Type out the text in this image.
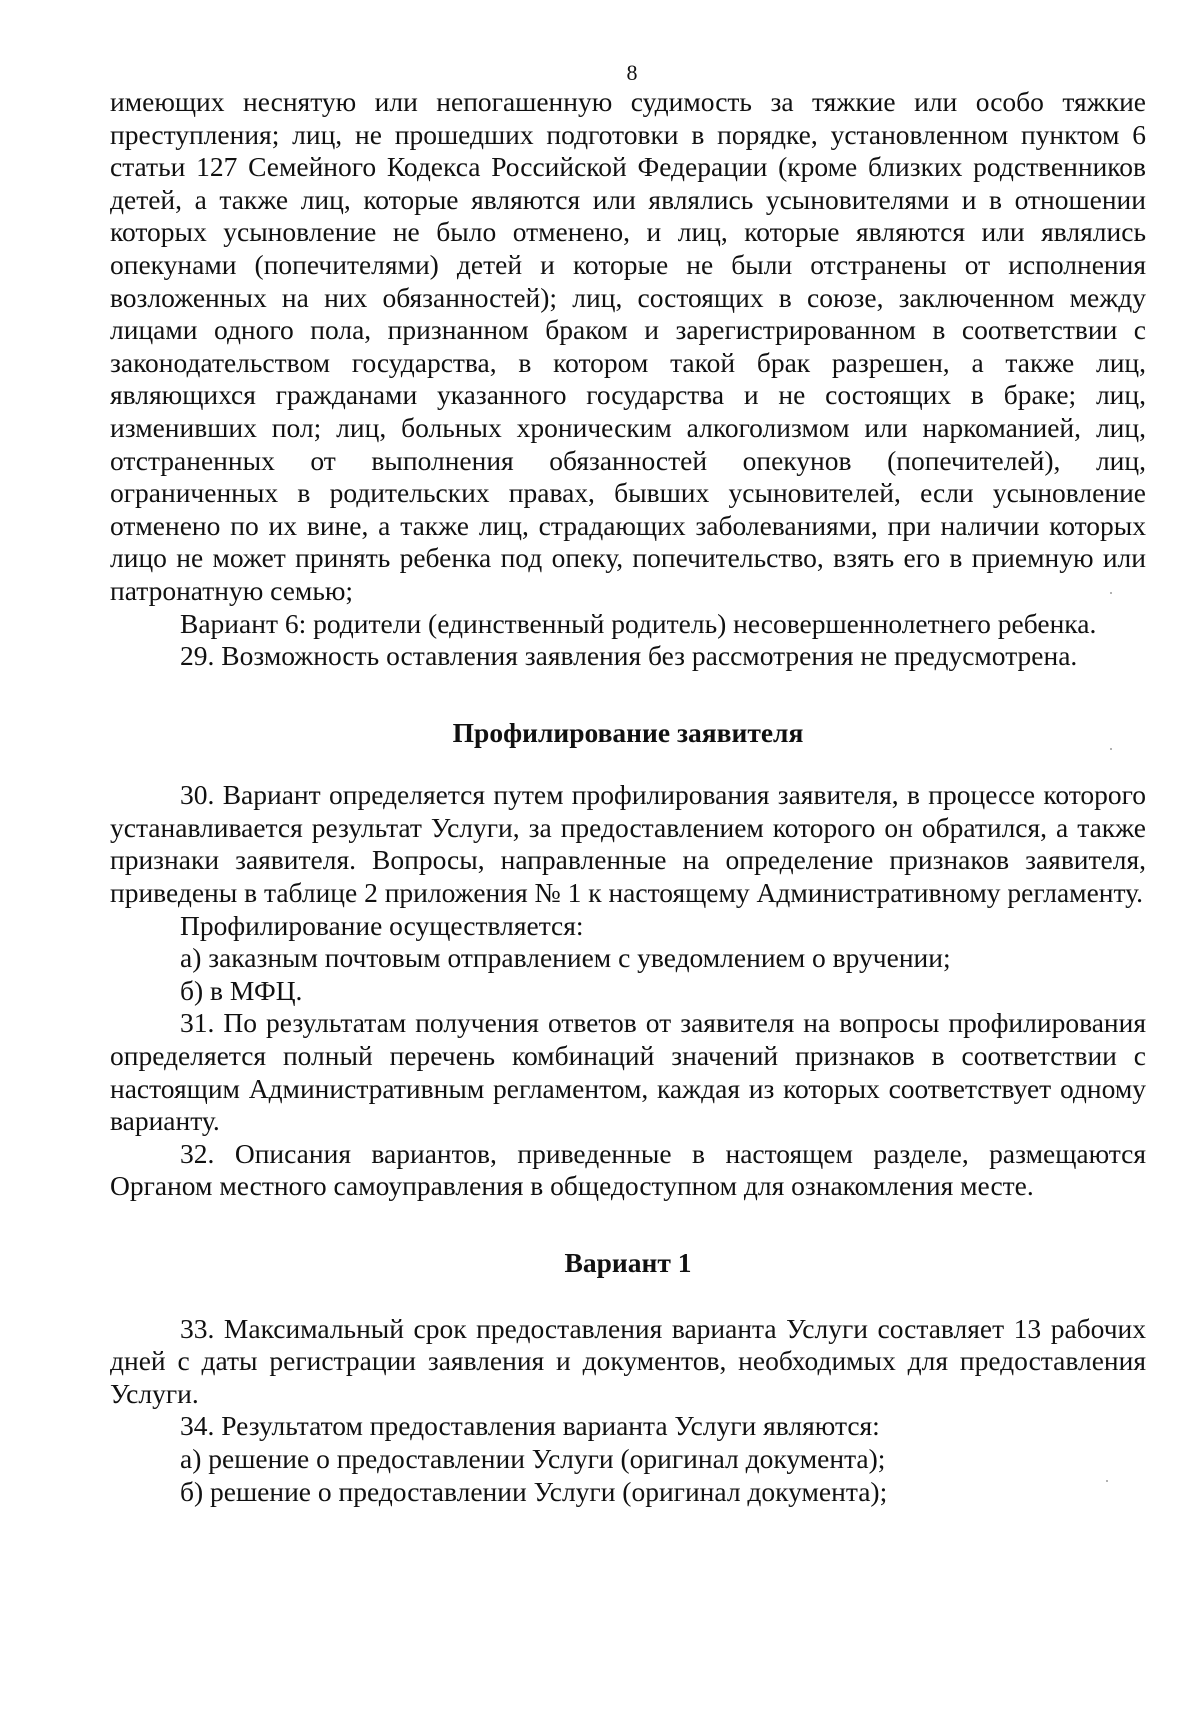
8

имеющих неснятую или непогашенную судимость за тяжкие или особо тяжкие преступления; лиц, не прошедших подготовки в порядке, установленном пунктом 6 статьи 127 Семейного Кодекса Российской Федерации (кроме близких родственников детей, а также лиц, которые являются или являлись усыновителями и в отношении которых усыновление не было отменено, и лиц, которые являются или являлись опекунами (попечителями) детей и которые не были отстранены от исполнения возложенных на них обязанностей); лиц, состоящих в союзе, заключенном между лицами одного пола, признанном браком и зарегистрированном в соответствии с законодательством государства, в котором такой брак разрешен, а также лиц, являющихся гражданами указанного государства и не состоящих в браке; лиц, изменивших пол; лиц, больных хроническим алкоголизмом или наркоманией, лиц, отстраненных от выполнения обязанностей опекунов (попечителей), лиц, ограниченных в родительских правах, бывших усыновителей, если усыновление отменено по их вине, а также лиц, страдающих заболеваниями, при наличии которых лицо не может принять ребенка под опеку, попечительство, взять его в приемную или патронатную семью;

Вариант 6: родители (единственный родитель) несовершеннолетнего ребенка.

29. Возможность оставления заявления без рассмотрения не предусмотрена.

Профилирование заявителя

30. Вариант определяется путем профилирования заявителя, в процессе которого устанавливается результат Услуги, за предоставлением которого он обратился, а также признаки заявителя. Вопросы, направленные на определение признаков заявителя, приведены в таблице 2 приложения № 1 к настоящему Административному регламенту.

Профилирование осуществляется:

а) заказным почтовым отправлением с уведомлением о вручении;

б) в МФЦ.

31. По результатам получения ответов от заявителя на вопросы профилирования определяется полный перечень комбинаций значений признаков в соответствии с настоящим Административным регламентом, каждая из которых соответствует одному варианту.

32. Описания вариантов, приведенные в настоящем разделе, размещаются Органом местного самоуправления в общедоступном для ознакомления месте.

Вариант 1

33. Максимальный срок предоставления варианта Услуги составляет 13 рабочих дней с даты регистрации заявления и документов, необходимых для предоставления Услуги.

34. Результатом предоставления варианта Услуги являются:

а) решение о предоставлении Услуги (оригинал документа);

б) решение о предоставлении Услуги (оригинал документа);
